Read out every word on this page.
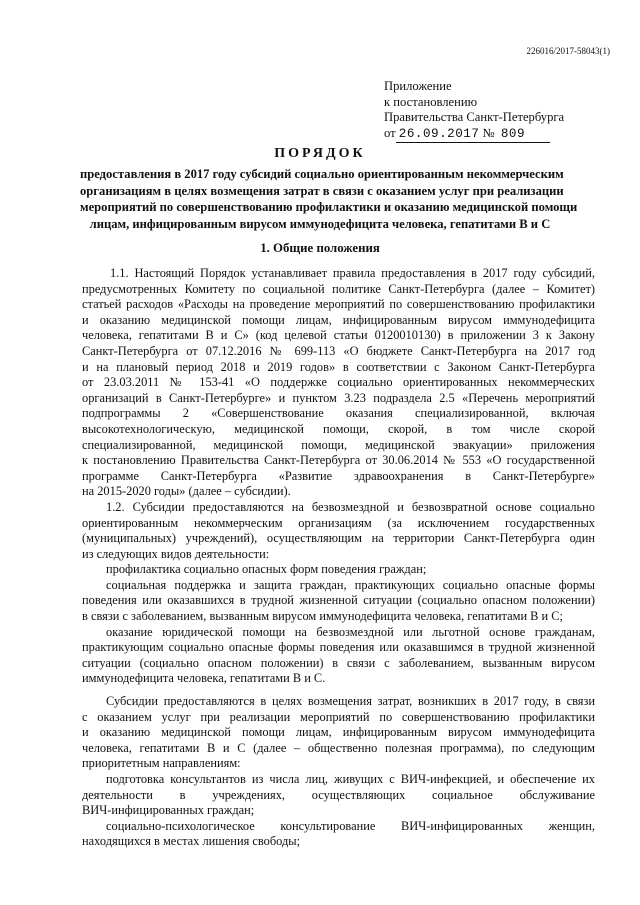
226016/2017-58043(1)
Приложение
к постановлению
Правительства Санкт-Петербурга
от 26.09.2017 № 809
ПОРЯДОК
предоставления в 2017 году субсидий социально ориентированным некоммерческим
организациям в целях возмещения затрат в связи с оказанием услуг при реализации
мероприятий по совершенствованию профилактики и оказанию медицинской помощи
лицам, инфицированным вирусом иммунодефицита человека, гепатитами В и С
1. Общие положения
1.1. Настоящий Порядок устанавливает правила предоставления в 2017 году субсидий,
предусмотренных Комитету по социальной политике Санкт-Петербурга (далее – Комитет)
статьей расходов «Расходы на проведение мероприятий по совершенствованию профилактики
и оказанию медицинской помощи лицам, инфицированным вирусом иммунодефицита
человека, гепатитами В и С» (код целевой статьи 0120010130) в приложении 3 к Закону
Санкт-Петербурга от 07.12.2016 № 699-113 «О бюджете Санкт-Петербурга на 2017 год
и на плановый период 2018 и 2019 годов» в соответствии с Законом Санкт-Петербурга
от 23.03.2011 № 153-41 «О поддержке социально ориентированных некоммерческих
организаций в Санкт-Петербурге» и пунктом 3.23 подраздела 2.5 «Перечень мероприятий
подпрограммы 2 «Совершенствование оказания специализированной, включая
высокотехнологическую, медицинской помощи, скорой, в том числе скорой
специализированной, медицинской помощи, медицинской эвакуации» приложения
к постановлению Правительства Санкт-Петербурга от 30.06.2014 № 553 «О государственной
программе Санкт-Петербурга «Развитие здравоохранения в Санкт-Петербурге»
на 2015-2020 годы» (далее – субсидии).
1.2. Субсидии предоставляются на безвозмездной и безвозвратной основе социально
ориентированным некоммерческим организациям (за исключением государственных
(муниципальных) учреждений), осуществляющим на территории Санкт-Петербурга один
из следующих видов деятельности:
профилактика социально опасных форм поведения граждан;
социальная поддержка и защита граждан, практикующих социально опасные формы
поведения или оказавшихся в трудной жизненной ситуации (социально опасном положении)
в связи с заболеванием, вызванным вирусом иммунодефицита человека, гепатитами В и С;
оказание юридической помощи на безвозмездной или льготной основе гражданам,
практикующим социально опасные формы поведения или оказавшимся в трудной жизненной
ситуации (социально опасном положении) в связи с заболеванием, вызванным вирусом
иммунодефицита человека, гепатитами В и С.
Субсидии предоставляются в целях возмещения затрат, возникших в 2017 году, в связи
с оказанием услуг при реализации мероприятий по совершенствованию профилактики
и оказанию медицинской помощи лицам, инфицированным вирусом иммунодефицита
человека, гепатитами В и С (далее – общественно полезная программа), по следующим
приоритетным направлениям:
подготовка консультантов из числа лиц, живущих с ВИЧ-инфекцией, и обеспечение их
деятельности в учреждениях, осуществляющих социальное обслуживание
ВИЧ-инфицированных граждан;
социально-психологическое консультирование ВИЧ-инфицированных женщин,
находящихся в местах лишения свободы;
